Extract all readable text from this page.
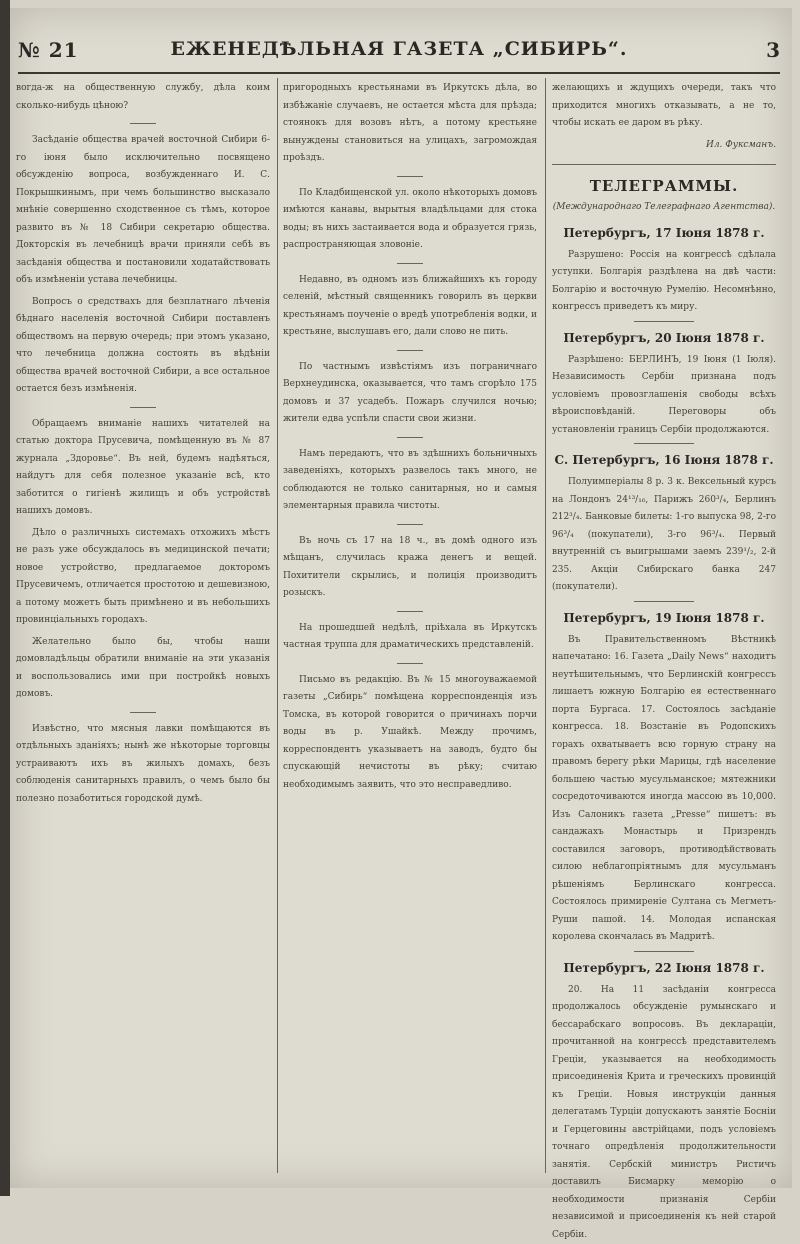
№ 21	ЕЖЕНЕДѢЛЬНАЯ ГАЗЕТА „СИБИРЬ“.	3

вогда-ж на общественную службу, дѣла коим сколько-нибудь цѣною?

Засѣданіе общества врачей восточной Сибири 6-го іюня было исключительно посвящено обсужденію вопроса, возбужденнаго И. С. Покрышкинымъ, при чемъ большинство высказало мнѣніе совершенно сходственное съ тѣмъ, которое развито въ № 18 Сибири секретарю общества. Докторскія въ лечебницѣ врачи приняли себѣ въ засѣданія общества и постановили ходатайствовать объ измѣненіи устава лечебницы.

Вопросъ о средствахъ для безплатнаго лѣченія бѣднаго населенія восточной Сибири поставленъ обществомъ на первую очередь; при этомъ указано, что лечебница должна состоять въ вѣдѣніи общества врачей восточной Сибири, а все остальное остается безъ измѣненія.

Обращаемъ вниманіе нашихъ читателей на статью доктора Прусевича, помѣщенную въ № 87 журнала „Здоровье“. Въ ней, будемъ надѣяться, найдутъ для себя полезное указаніе всѣ, кто заботится о гигіенѣ жилищъ и объ устройствѣ нашихъ домовъ.

Дѣло о различныхъ системахъ отхожихъ мѣстъ не разъ уже обсуждалось въ медицинской печати; новое устройство, предлагаемое докторомъ Прусевичемъ, отличается простотою и дешевизною, а потому можетъ быть примѣнено и въ небольшихъ провинціальныхъ городахъ.

Желательно было бы, чтобы наши домовладѣльцы обратили вниманіе на эти указанія и воспользовались ими при постройкѣ новыхъ домовъ.

Извѣстно, что мясныя лавки помѣщаются въ отдѣльныхъ зданіяхъ; нынѣ же нѣкоторые торговцы устраиваютъ ихъ въ жилыхъ домахъ, безъ соблюденія санитарныхъ правилъ, о чемъ было бы полезно позаботиться городской думѣ.

пригородныхъ крестьянами въ Иркутскъ дѣла, во избѣжаніе случаевъ, не остается мѣста для прѣзда; стоянокъ для возовъ нѣтъ, а потому крестьяне вынуждены становиться на улицахъ, загромождая проѣздъ.

По Кладбищенской ул. около нѣкоторыхъ домовъ имѣются канавы, вырытыя владѣльцами для стока воды; въ нихъ застаивается вода и образуется грязь, распространяющая зловоніе.

Недавно, въ одномъ изъ ближайшихъ къ городу селеній, мѣстный священникъ говорилъ въ церкви крестьянамъ поученіе о вредѣ употребленія водки, и крестьяне, выслушавъ его, дали слово не пить.

По частнымъ извѣстіямъ изъ пограничнаго Верхнеудинска, оказывается, что тамъ сгорѣло 175 домовъ и 37 усадебъ. Пожаръ случился ночью; жители едва успѣли спасти свои жизни.

Намъ передаютъ, что въ здѣшнихъ больничныхъ заведеніяхъ, которыхъ развелось такъ много, не соблюдаются не только санитарныя, но и самыя элементарныя правила чистоты.

Въ ночь съ 17 на 18 ч., въ домѣ одного изъ мѣщанъ, случилась кража денегъ и вещей. Похитители скрылись, и полиція производитъ розыскъ.

На прошедшей недѣлѣ, пріѣхала въ Иркутскъ частная труппа для драматическихъ представленій.

Письмо въ редакцію. Въ № 15 многоуважаемой газеты „Сибирь“ помѣщена корреспонденція изъ Томска, въ которой говорится о причинахъ порчи воды въ р. Ушайкѣ. Между прочимъ, корреспондентъ указываетъ на заводъ, будто бы спускающій нечистоты въ рѣку; считаю необходимымъ заявить, что это несправедливо.

желающихъ и ждущихъ очереди, такъ что приходится многихъ отказывать, а не то, чтобы искать ее даром въ рѣку.

Ил. Фуксманъ.
ТЕЛЕГРАММЫ.
(Международнаго Телеграфнаго Агентства).
Петербургъ, 17 Іюня 1878 г.

Разрушено: Россія на конгрессѣ сдѣлала уступки. Болгарія раздѣлена на двѣ части: Болгарію и восточную Румелію. Несомнѣнно, конгрессъ приведетъ къ миру.

Петербургъ, 20 Іюня 1878 г.

Разрѣшено: БЕРЛИНЪ, 19 Іюня (1 Іюля). Независимость Сербіи признана подъ условіемъ провозглашенія свободы всѣхъ вѣроисповѣданій. Переговоры объ установленіи границъ Сербіи продолжаются.

С. Петербургъ, 16 Іюня 1878 г.

Полуимперіалы 8 р. 3 к. Вексельный курсъ на Лондонъ 24¹³/₁₆, Парижъ 260³/₄, Берлинъ 212³/₄. Банковые билеты: 1-го выпуска 98, 2-го 96³/₄ (покупатели), 3-го 96³/₄. Первый внутренній съ выигрышами заемъ 239¹/₂, 2-й 235. Акціи Сибирскаго банка 247 (покупатели).

Петербургъ, 19 Іюня 1878 г.

Въ Правительственномъ Вѣстникѣ напечатано: 16. Газета „Daily News“ находитъ неутѣшительнымъ, что Берлинскій конгрессъ лишаетъ южную Болгарію ея естественнаго порта Бургаса. 17. Состоялось засѣданіе конгресса. 18. Возстаніе въ Родопскихъ горахъ охватываетъ всю горную страну на правомъ берегу рѣки Марицы, гдѣ население большею частью мусульманское; мятежники сосредоточиваются иногда массою въ 10,000. Изъ Салоникъ газета „Presse“ пишетъ: въ сандажахъ Монастырь и Призрендъ составился заговоръ, противодѣйствовать силою неблагопріятнымъ для мусульманъ рѣшеніямъ Берлинскаго конгресса. Состоялось примиреніе Султана съ Мегметъ-Руши пашой. 14. Молодая испанская королева скончалась въ Мадритѣ.

Петербургъ, 22 Іюня 1878 г.

20. На 11 засѣданіи конгресса продолжалось обсужденіе румынскаго и бессарабскаго вопросовъ. Въ деклараціи, прочитанной на конгрессѣ представителемъ Греціи, указывается на необходимость присоединенія Крита и греческихъ провинцій къ Греціи. Новыя инструкціи данныя делегатамъ Турціи допускаютъ занятіе Босніи и Герцеговины австрійцами, подъ условіемъ точнаго опредѣленія продолжительности занятія. Сербскій министръ Ристичъ доставилъ Бисмарку меморію о необходимости признанія Сербіи независимой и присоединенія къ ней старой Сербіи.
